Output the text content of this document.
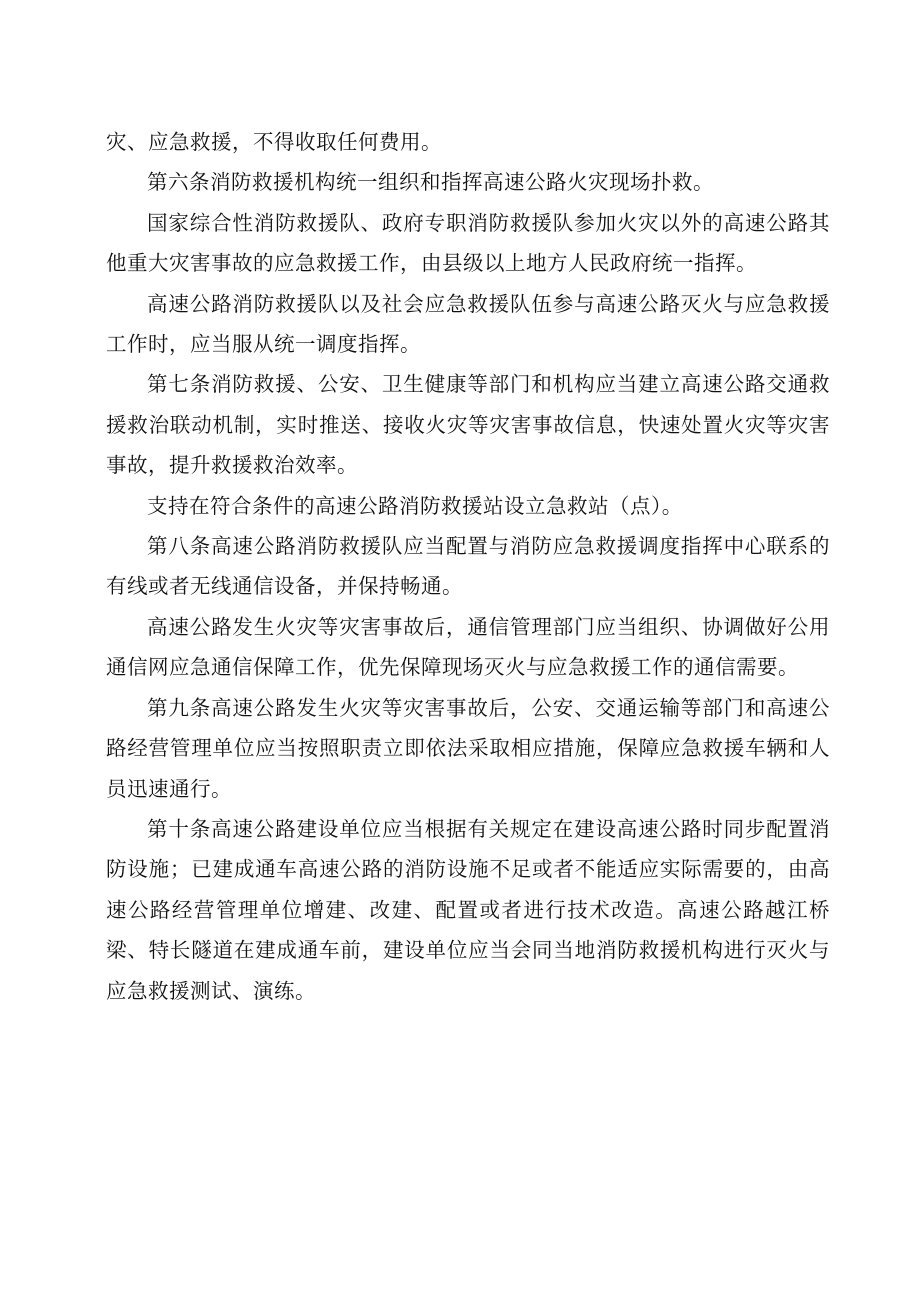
灾、应急救援，不得收取任何费用。

第六条消防救援机构统一组织和指挥高速公路火灾现场扑救。

国家综合性消防救援队、政府专职消防救援队参加火灾以外的高速公路其他重大灾害事故的应急救援工作，由县级以上地方人民政府统一指挥。

高速公路消防救援队以及社会应急救援队伍参与高速公路灭火与应急救援工作时，应当服从统一调度指挥。

第七条消防救援、公安、卫生健康等部门和机构应当建立高速公路交通救援救治联动机制，实时推送、接收火灾等灾害事故信息，快速处置火灾等灾害事故，提升救援救治效率。

支持在符合条件的高速公路消防救援站设立急救站（点）。

第八条高速公路消防救援队应当配置与消防应急救援调度指挥中心联系的有线或者无线通信设备，并保持畅通。

高速公路发生火灾等灾害事故后，通信管理部门应当组织、协调做好公用通信网应急通信保障工作，优先保障现场灭火与应急救援工作的通信需要。

第九条高速公路发生火灾等灾害事故后，公安、交通运输等部门和高速公路经营管理单位应当按照职责立即依法采取相应措施，保障应急救援车辆和人员迅速通行。

第十条高速公路建设单位应当根据有关规定在建设高速公路时同步配置消防设施；已建成通车高速公路的消防设施不足或者不能适应实际需要的，由高速公路经营管理单位增建、改建、配置或者进行技术改造。高速公路越江桥梁、特长隧道在建成通车前，建设单位应当会同当地消防救援机构进行灭火与应急救援测试、演练。
